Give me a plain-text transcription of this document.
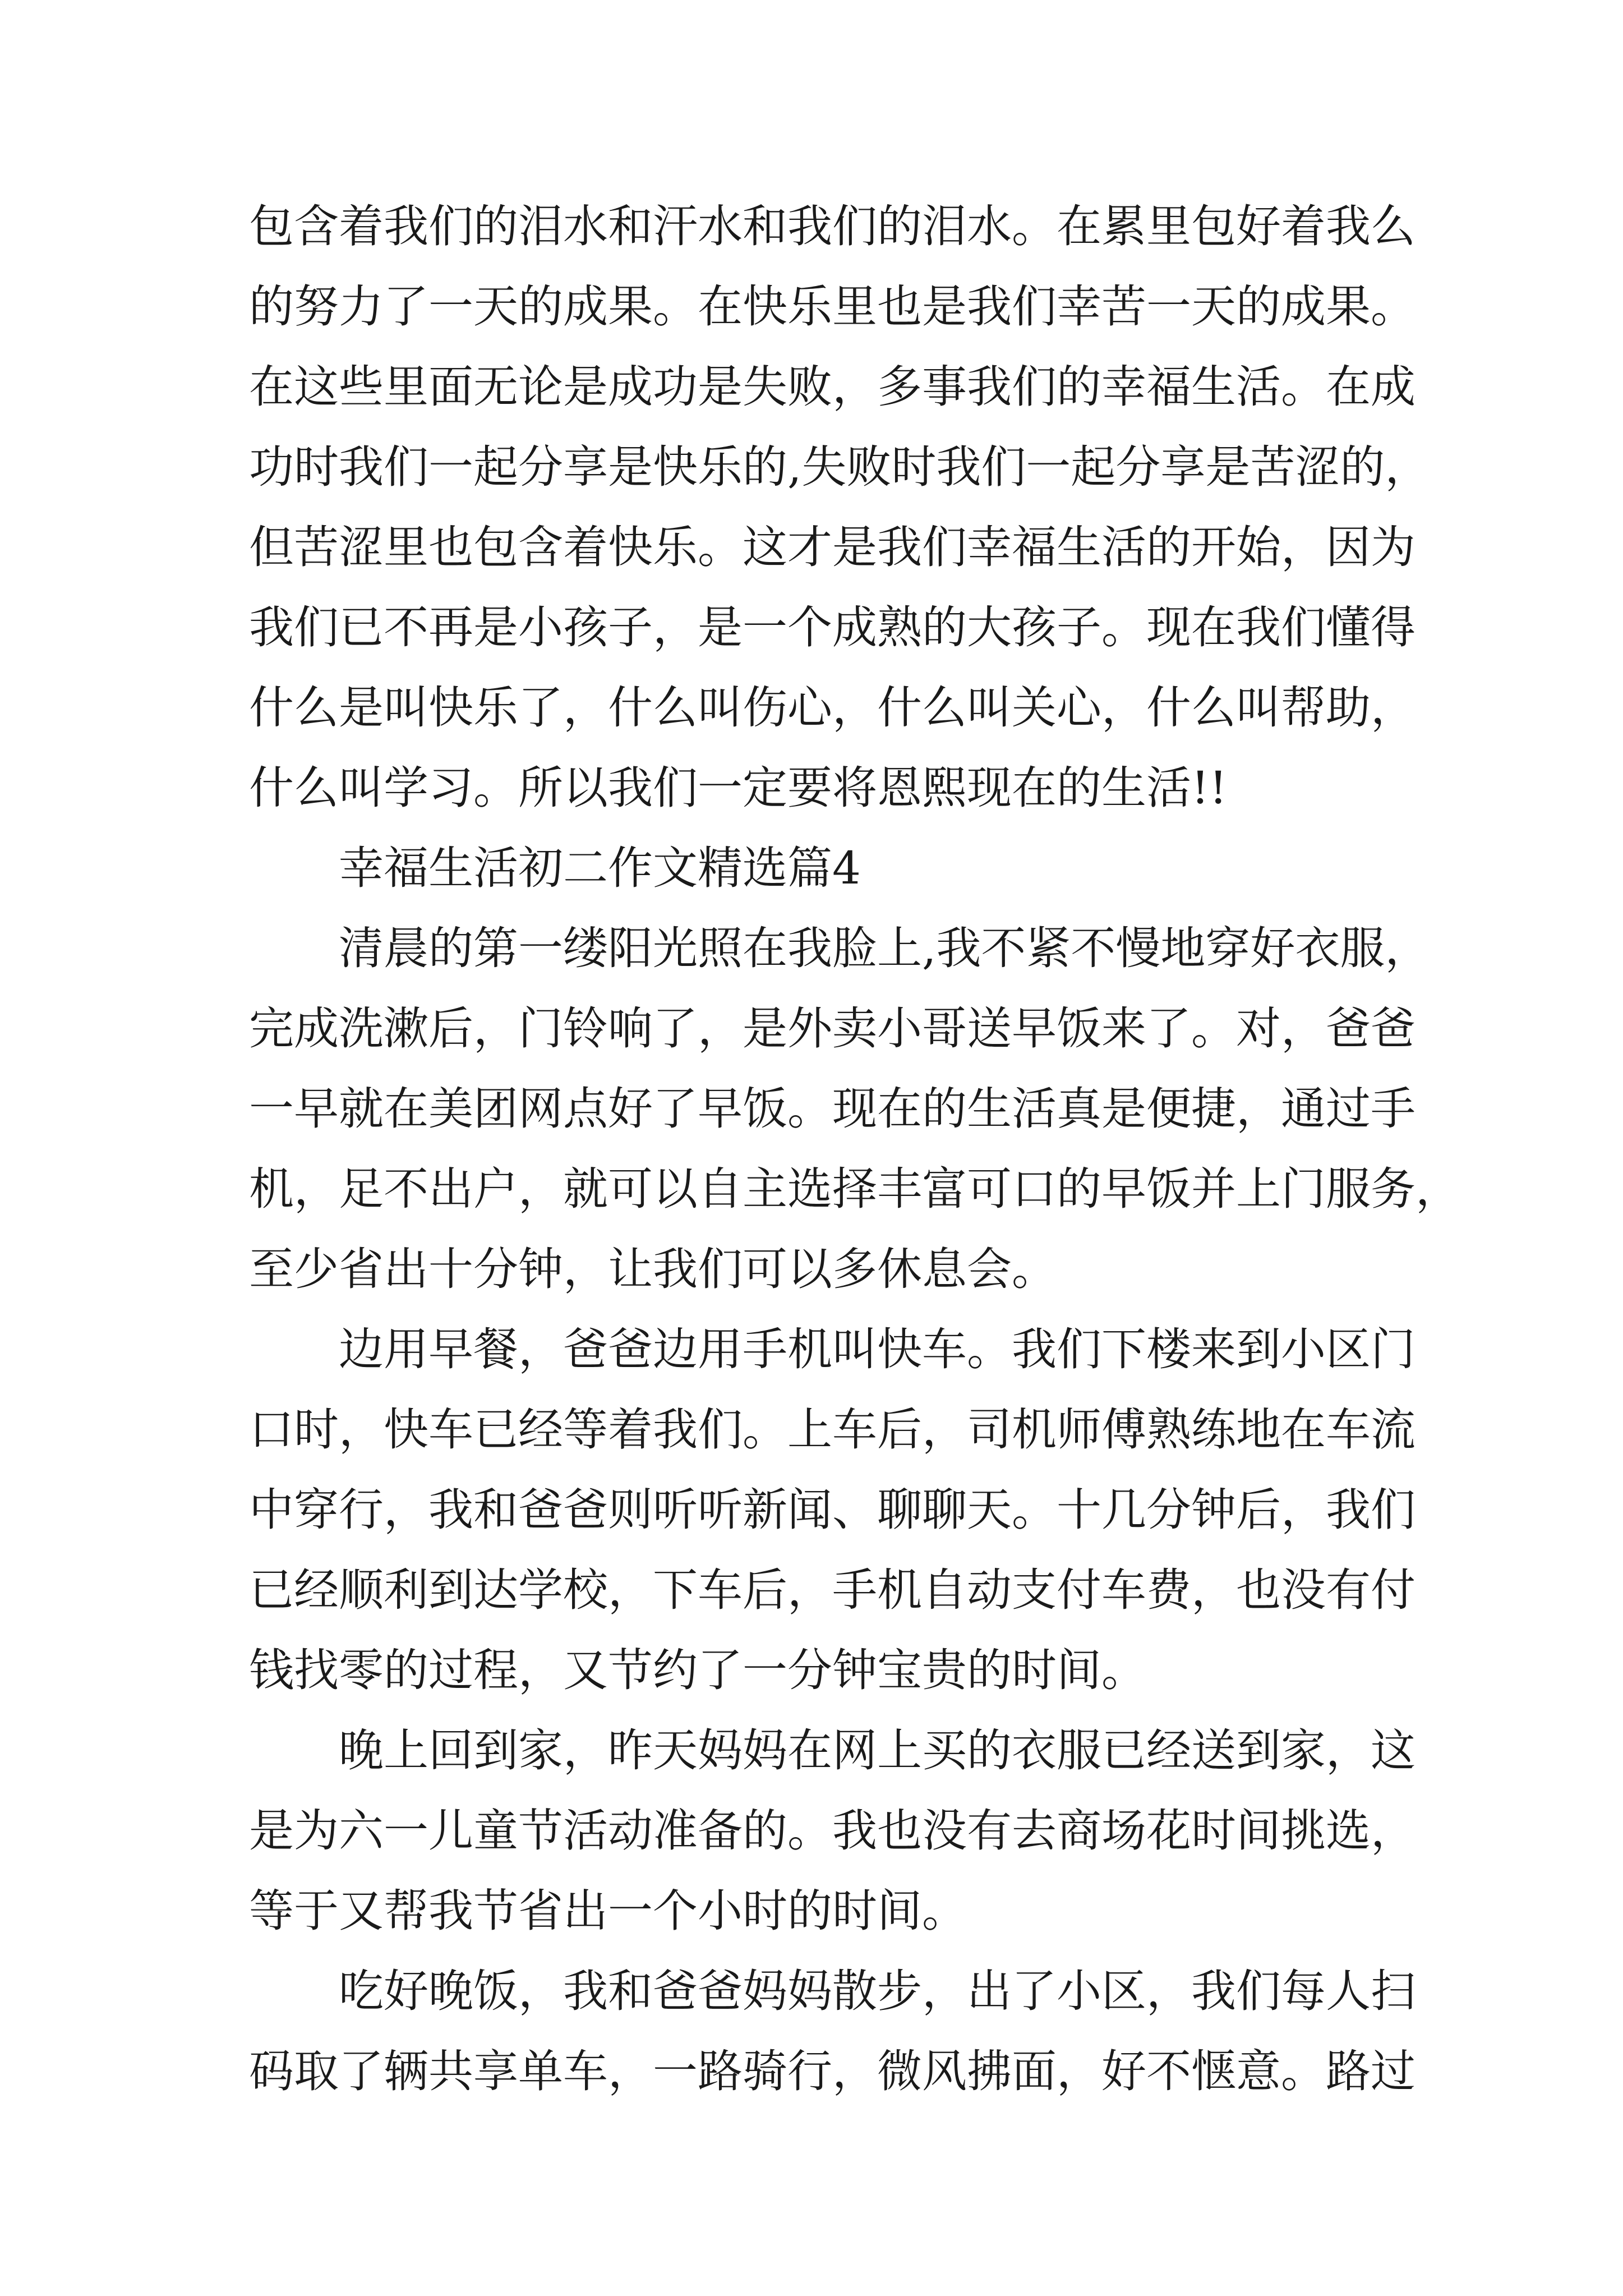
包含着我们的泪水和汗水和我们的泪水。在累里包好着我么
的努力了一天的成果。在快乐里也是我们幸苦一天的成果。
在这些里面无论是成功是失败，多事我们的幸福生活。在成
功时我们一起分享是快乐的,失败时我们一起分享是苦涩的，
但苦涩里也包含着快乐。这才是我们幸福生活的开始，因为
我们已不再是小孩子，是一个成熟的大孩子。现在我们懂得
什么是叫快乐了，什么叫伤心，什么叫关心，什么叫帮助，
什么叫学习。所以我们一定要将恩熙现在的生活!!
幸福生活初二作文精选篇4
清晨的第一缕阳光照在我脸上,我不紧不慢地穿好衣服，
完成洗漱后，门铃响了，是外卖小哥送早饭来了。对，爸爸
一早就在美团网点好了早饭。现在的生活真是便捷，通过手
机，足不出户，就可以自主选择丰富可口的早饭并上门服务，
至少省出十分钟，让我们可以多休息会。
边用早餐，爸爸边用手机叫快车。我们下楼来到小区门
口时，快车已经等着我们。上车后，司机师傅熟练地在车流
中穿行，我和爸爸则听听新闻、聊聊天。十几分钟后，我们
已经顺利到达学校，下车后，手机自动支付车费，也没有付
钱找零的过程，又节约了一分钟宝贵的时间。
晚上回到家，昨天妈妈在网上买的衣服已经送到家，这
是为六一儿童节活动准备的。我也没有去商场花时间挑选，
等于又帮我节省出一个小时的时间。
吃好晚饭，我和爸爸妈妈散步，出了小区，我们每人扫
码取了辆共享单车，一路骑行，微风拂面，好不惬意。路过
